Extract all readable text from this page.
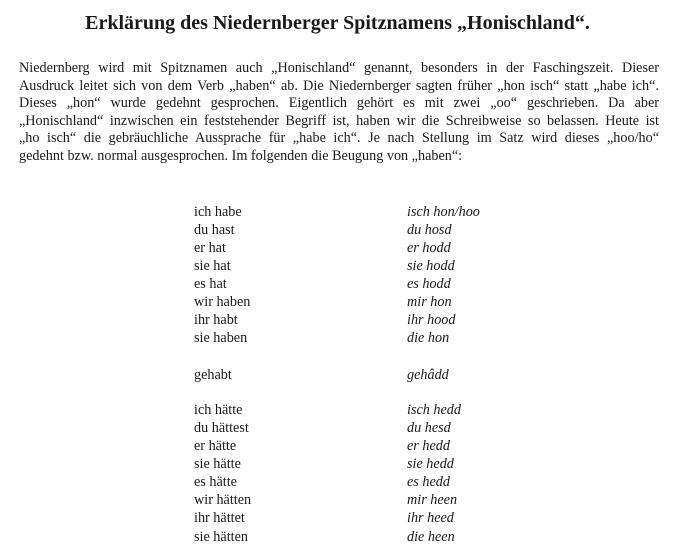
Erklärung des Niedernberger Spitznamens „Honischland“.
Niedernberg wird mit Spitznamen auch „Honischland“ genannt, besonders in der Faschingszeit. Dieser
Ausdruck leitet sich von dem Verb „haben“ ab. Die Niedernberger sagten früher „hon isch“ statt „habe ich“.
Dieses „hon“ wurde gedehnt gesprochen. Eigentlich gehört es mit zwei „oo“ geschrieben. Da aber
„Honischland“ inzwischen ein feststehender Begriff ist, haben wir die Schreibweise so belassen. Heute ist
„ho isch“ die gebräuchliche Aussprache für „habe ich“. Je nach Stellung im Satz wird dieses „hoo/ho“
gedehnt bzw. normal ausgesprochen. Im folgenden die Beugung von „haben“:
ich habe	isch hon/hoo
du hast	du hosd
er hat	er hodd
sie hat	sie hodd
es hat	es hodd
wir haben	mir hon
ihr habt	ihr hood
sie haben	die hon
gehabt	gehâdd
ich hätte	isch hedd
du hättest	du hesd
er hätte	er hedd
sie hätte	sie hedd
es hätte	es hedd
wir hätten	mir heen
ihr hättet	ihr heed
sie hätten	die heen
